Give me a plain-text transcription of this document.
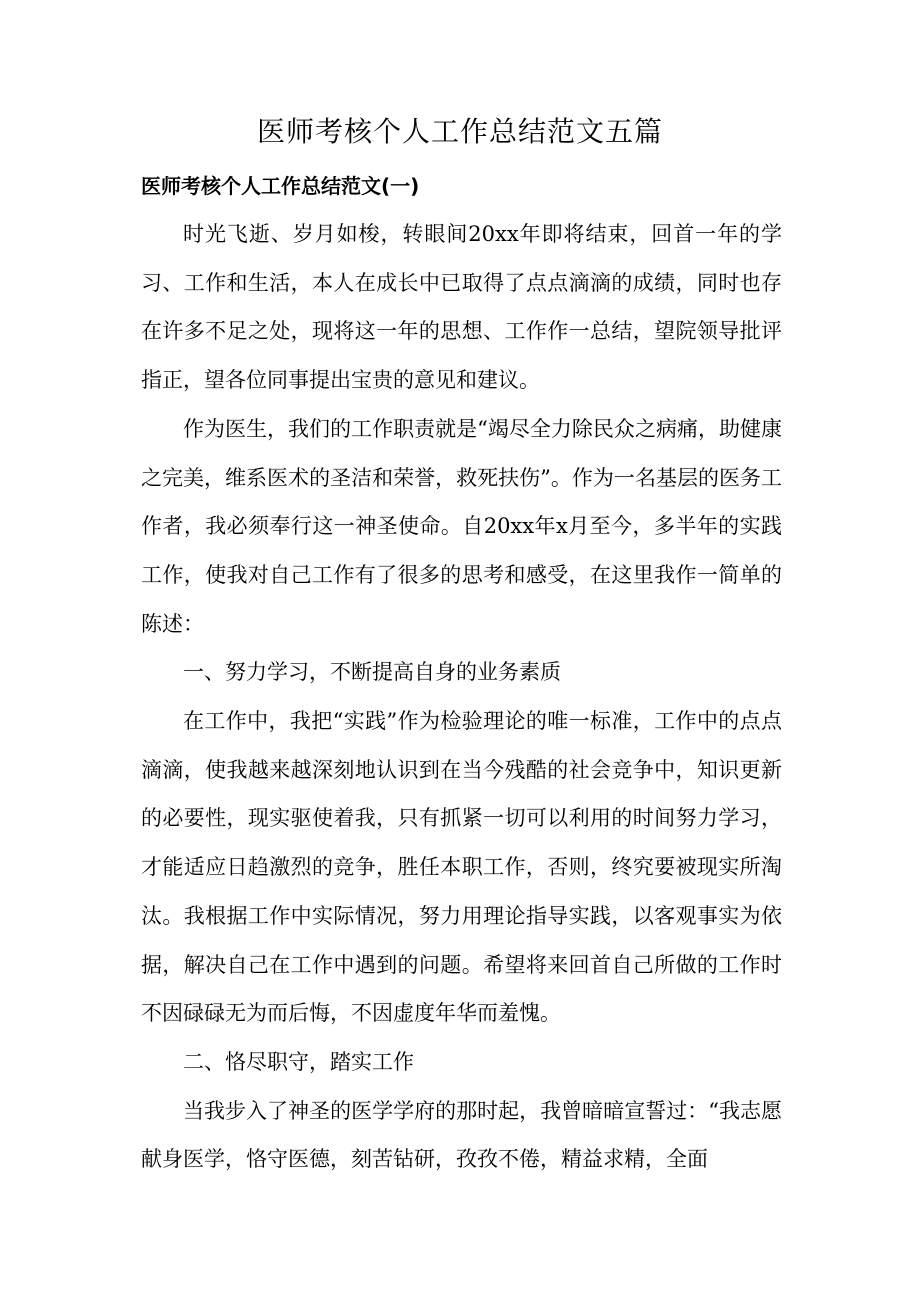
医师考核个人工作总结范文五篇
医师考核个人工作总结范文(一)

时光飞逝、岁月如梭，转眼间20xx年即将结束，回首一年的学习、工作和生活，本人在成长中已取得了点点滴滴的成绩，同时也存在许多不足之处，现将这一年的思想、工作作一总结，望院领导批评指正，望各位同事提出宝贵的意见和建议。

作为医生，我们的工作职责就是“竭尽全力除民众之病痛，助健康之完美，维系医术的圣洁和荣誉，救死扶伤”。作为一名基层的医务工作者，我必须奉行这一神圣使命。自20xx年x月至今，多半年的实践工作，使我对自己工作有了很多的思考和感受，在这里我作一简单的陈述：

一、努力学习，不断提高自身的业务素质

在工作中，我把“实践”作为检验理论的唯一标准，工作中的点点滴滴，使我越来越深刻地认识到在当今残酷的社会竞争中，知识更新的必要性，现实驱使着我，只有抓紧一切可以利用的时间努力学习，才能适应日趋激烈的竞争，胜任本职工作，否则，终究要被现实所淘汰。我根据工作中实际情况，努力用理论指导实践，以客观事实为依据，解决自己在工作中遇到的问题。希望将来回首自己所做的工作时不因碌碌无为而后悔，不因虚度年华而羞愧。

二、恪尽职守，踏实工作

当我步入了神圣的医学学府的那时起，我曾暗暗宣誓过：“我志愿献身医学，恪守医德，刻苦钻研，孜孜不倦，精益求精，全面
